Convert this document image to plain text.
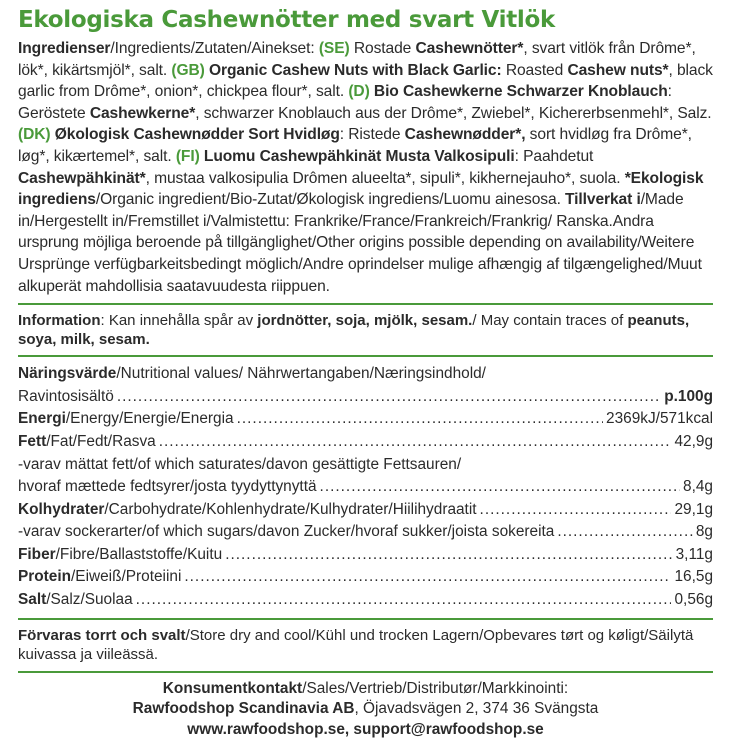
Ekologiska Cashewnötter med svart Vitlök
Ingredienser/Ingredients/Zutaten/Ainekset: (SE) Rostade Cashewnötter*, svart vitlök från Drôme*, lök*, kikärtsmjöl*, salt. (GB) Organic Cashew Nuts with Black Garlic: Roasted Cashew nuts*, black garlic from Drôme*, onion*, chickpea flour*, salt. (D) Bio Cashewkerne Schwarzer Knoblauch: Geröstete Cashewkerne*, schwarzer Knoblauch aus der Drôme*, Zwiebel*, Kichererbsenmehl*, Salz. (DK) Økologisk Cashewnødder Sort Hvidløg: Ristede Cashewnødder*, sort hvidløg fra Drôme*, løg*, kikærtemel*, salt. (FI) Luomu Cashewpähkinät Musta Valkosipuli: Paahdetut Cashewpähkinät*, mustaa valkosipulia Drômen alueelta*, sipuli*, kikhernejauho*, suola. *Ekologisk ingrediens/Organic ingredient/Bio-Zutat/Økologisk ingrediens/Luomu ainesosa. Tillverkat i/Made in/Hergestellt in/Fremstillet i/Valmistettu: Frankrike/France/Frankreich/Frankrig/ Ranska.Andra ursprung möjliga beroende på tillgänglighet/Other origins possible depending on availability/Weitere Ursprünge verfügbarkeitsbedingt möglich/Andre oprindelser mulige afhængig af tilgængelighed/Muut alkuperät mahdollisia saatavuudesta riippuen.
Information: Kan innehålla spår av jordnötter, soja, mjölk, sesam./ May contain traces of peanuts, soya, milk, sesam.
Näringsvärde/Nutritional values/ Nährwertangaben/Næringsindhold/
Ravintosisältö .....	p.100g
Energi/Energy/Energie/Energia .....	2369kJ/571kcal
Fett/Fat/Fedt/Rasva .....	42,9g
-varav mättat fett/of which saturates/davon gesättigte Fettsauren/
hvoraf mættede fedtsyrer/josta tyydyttynyttä .....	8,4g
Kolhydrater/Carbohydrate/Kohlenhydrate/Kulhydrater/Hiilihydraatit .....	29,1g
-varav sockerarter/of which sugars/davon Zucker/hvoraf sukker/joista sokereita .....	8g
Fiber/Fibre/Ballaststoffe/Kuitu .....	3,11g
Protein/Eiweiß/Proteiini .....	16,5g
Salt/Salz/Suolaa .....	0,56g
Förvaras torrt och svalt/Store dry and cool/Kühl und trocken Lagern/Opbevares tørt og køligt/Säilytä kuivassa ja viileässä.
Konsumentkontakt/Sales/Vertrieb/Distributør/Markkinointi:
Rawfoodshop Scandinavia AB, Öjavadsvägen 2, 374 36 Svängsta
www.rawfoodshop.se, support@rawfoodshop.se
